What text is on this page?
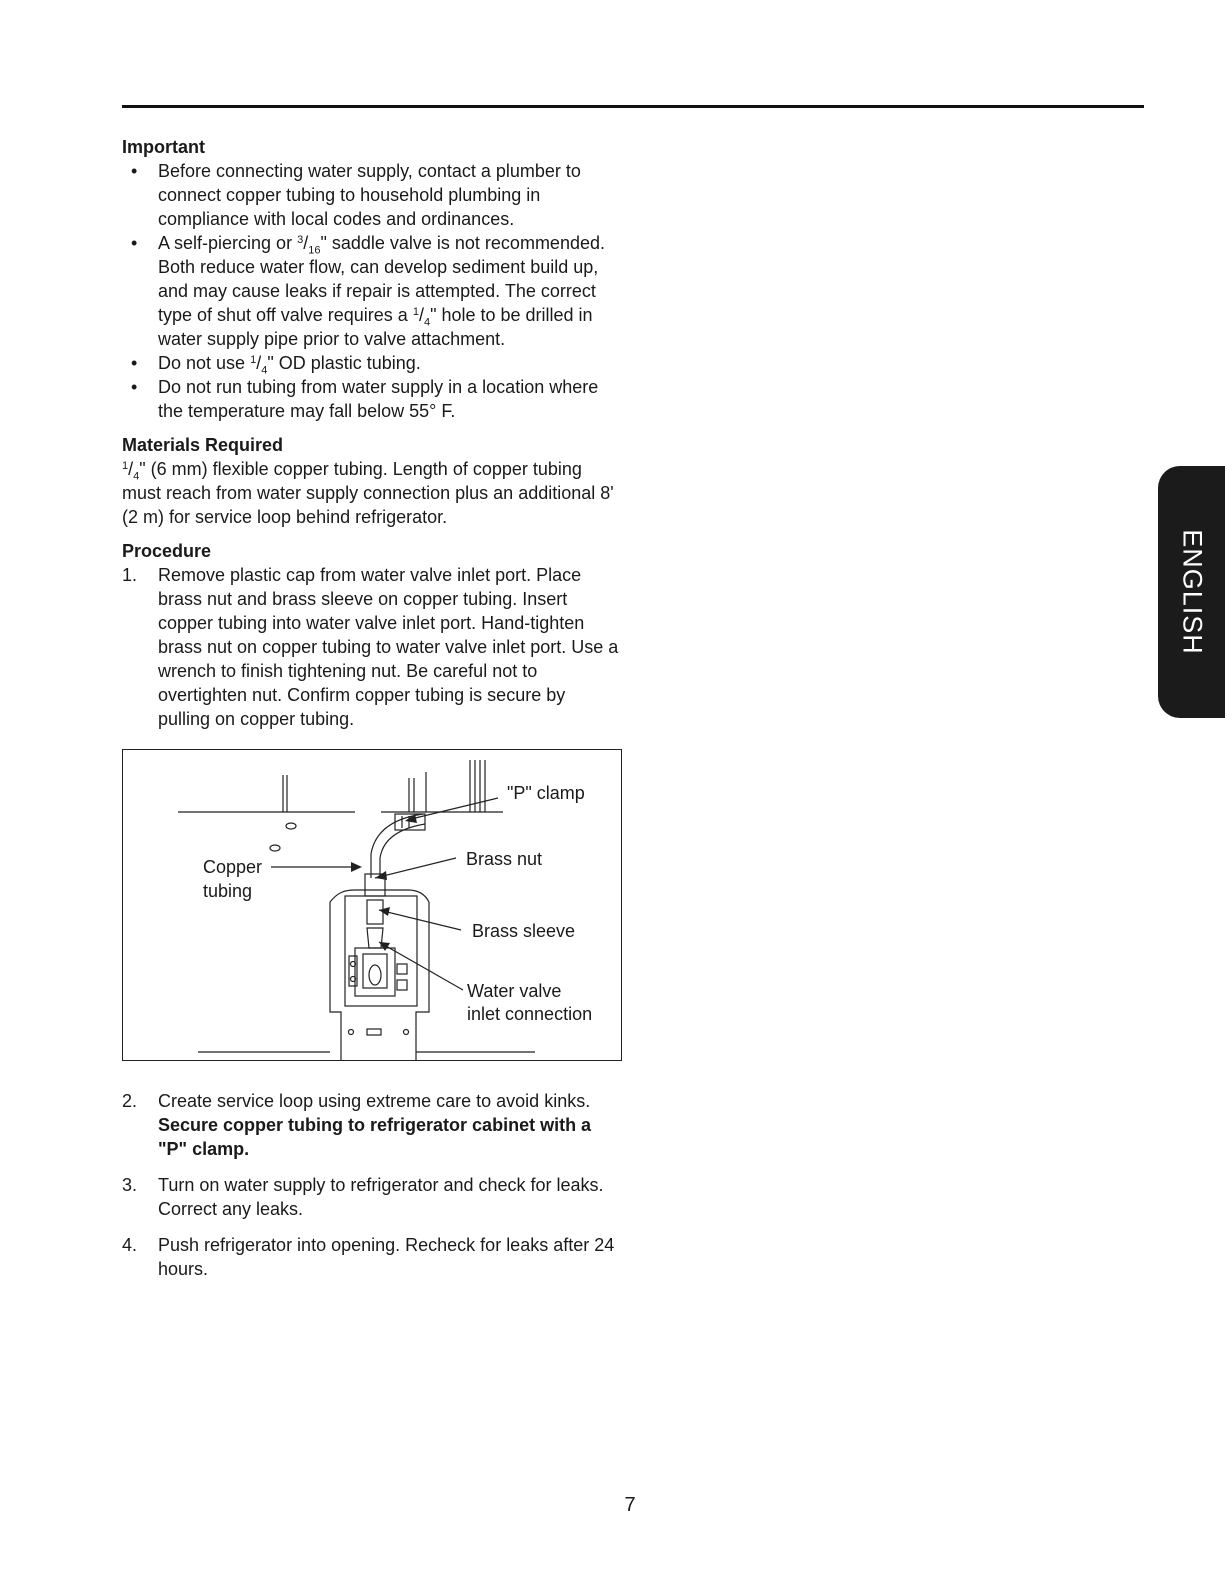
Important
• Before connecting water supply, contact a plumber to connect copper tubing to household plumbing in compliance with local codes and ordinances.
• A self-piercing or $^3/_{16}$" saddle valve is not recommended. Both reduce water flow, can develop sediment build up, and may cause leaks if repair is attempted. The correct type of shut off valve requires a $^1/_4$" hole to be drilled in water supply pipe prior to valve attachment.
• Do not use $^1/_4$" OD plastic tubing.
• Do not run tubing from water supply in a location where the temperature may fall below 55° F.
Materials Required

$^1/_4$" (6 mm) flexible copper tubing. Length of copper tubing must reach from water supply connection plus an additional 8' (2 m) for service loop behind refrigerator.

Procedure
1. Remove plastic cap from water valve inlet port. Place brass nut and brass sleeve on copper tubing. Insert copper tubing into water valve inlet port. Hand-tighten brass nut on copper tubing to water valve inlet port. Use a wrench to finish tightening nut. Be careful not to overtighten nut. Confirm copper tubing is secure by pulling on copper tubing.
"P" clamp
Copper
tubing
Brass nut
Brass sleeve
Water valve
inlet connection
2. Create service loop using extreme care to avoid kinks. Secure copper tubing to refrigerator cabinet with a "P" clamp.
3. Turn on water supply to refrigerator and check for leaks. Correct any leaks.
4. Push refrigerator into opening. Recheck for leaks after 24 hours.
ENGLISH
7
